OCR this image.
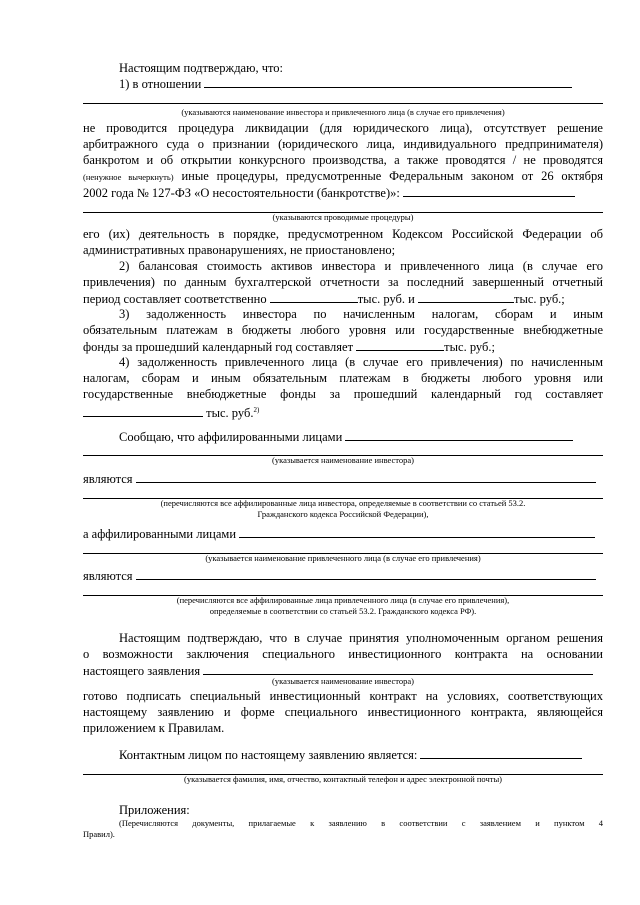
Настоящим подтверждаю, что:
1) в отношении
(указываются наименование инвестора и привлеченного лица (в случае его привлечения)
не проводится процедура ликвидации (для юридического лица), отсутствует решение
арбитражного суда о признании (юридического лица, индивидуального предпринимателя)
банкротом и об открытии конкурсного производства, а также проводятся / не проводятся
(ненужное вычеркнуть) иные процедуры, предусмотренные Федеральным законом от 26 октября
2002 года № 127-ФЗ «О несостоятельности (банкротстве)»:
(указываются проводимые процедуры)
его (их) деятельность в порядке, предусмотренном Кодексом Российской Федерации об
административных правонарушениях, не приостановлено;
2) балансовая стоимость активов инвестора и привлеченного лица (в случае его
привлечения) по данным бухгалтерской отчетности за последний завершенный отчетный
период составляет соответственно	тыс. руб. и	тыс. руб.;
3) задолженность инвестора по начисленным налогам, сборам и иным
обязательным платежам в бюджеты любого уровня или государственные внебюджетные
фонды за прошедший календарный год составляет	тыс. руб.;
4) задолженность привлеченного лица (в случае его привлечения) по начисленным
налогам, сборам и иным обязательным платежам в бюджеты любого уровня или
государственные внебюджетные фонды за прошедший календарный год составляет
тыс. руб.$^{2)}$
Сообщаю, что аффилированными лицами
(указывается наименование инвестора)
являются
(перечисляются все аффилированные лица инвестора, определяемые в соответствии со статьей 53.2.
Гражданского кодекса Российской Федерации),
а аффилированными лицами
(указывается наименование привлеченного лица (в случае его привлечения)
являются
(перечисляются все аффилированные лица привлеченного лица (в случае его привлечения),
определяемые в соответствии со статьей 53.2. Гражданского кодекса РФ).
Настоящим подтверждаю, что в случае принятия уполномоченным органом решения
о возможности заключения специального инвестиционного контракта на основании
настоящего заявления
(указывается наименование инвестора)
готово подписать специальный инвестиционный контракт на условиях, соответствующих
настоящему заявлению и форме специального инвестиционного контракта, являющейся
приложением к Правилам.
Контактным лицом по настоящему заявлению является:
(указывается фамилия, имя, отчество, контактный телефон и адрес электронной почты)
Приложения:
(Перечисляются документы, прилагаемые к заявлению в соответствии с заявлением и пунктом 4
Правил).
